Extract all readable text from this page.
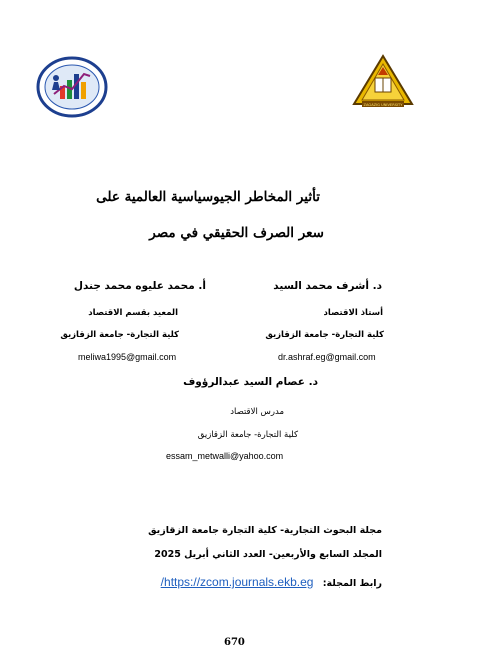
ZAGAZIG UNIVERSITY
تأثير المخاطر الجيوسياسية العالمية على
سعر الصرف الحقيقي في مصر
د. أشرف محمد السيد
أستاذ الاقتصاد
كلية التجارة- جامعة الزقازيق
dr.ashraf.eg@gmail.com
أ. محمد عليوه محمد جندل
المعيد بقسم الاقتصاد
كلية التجارة- جامعة الزقازيق
meliwa1995@gmail.com
د. عصام السيد عبدالرؤوف
مدرس الاقتصاد
كلية التجارة- جامعة الزقازيق
essam_metwalli@yahoo.com
مجلة البحوث التجارية- كلية التجارة جامعة الزقازيق
المجلد السابع والأربعين- العدد الثاني أبريل 2025
رابط المجلة: https://zcom.journals.ekb.eg/
670
